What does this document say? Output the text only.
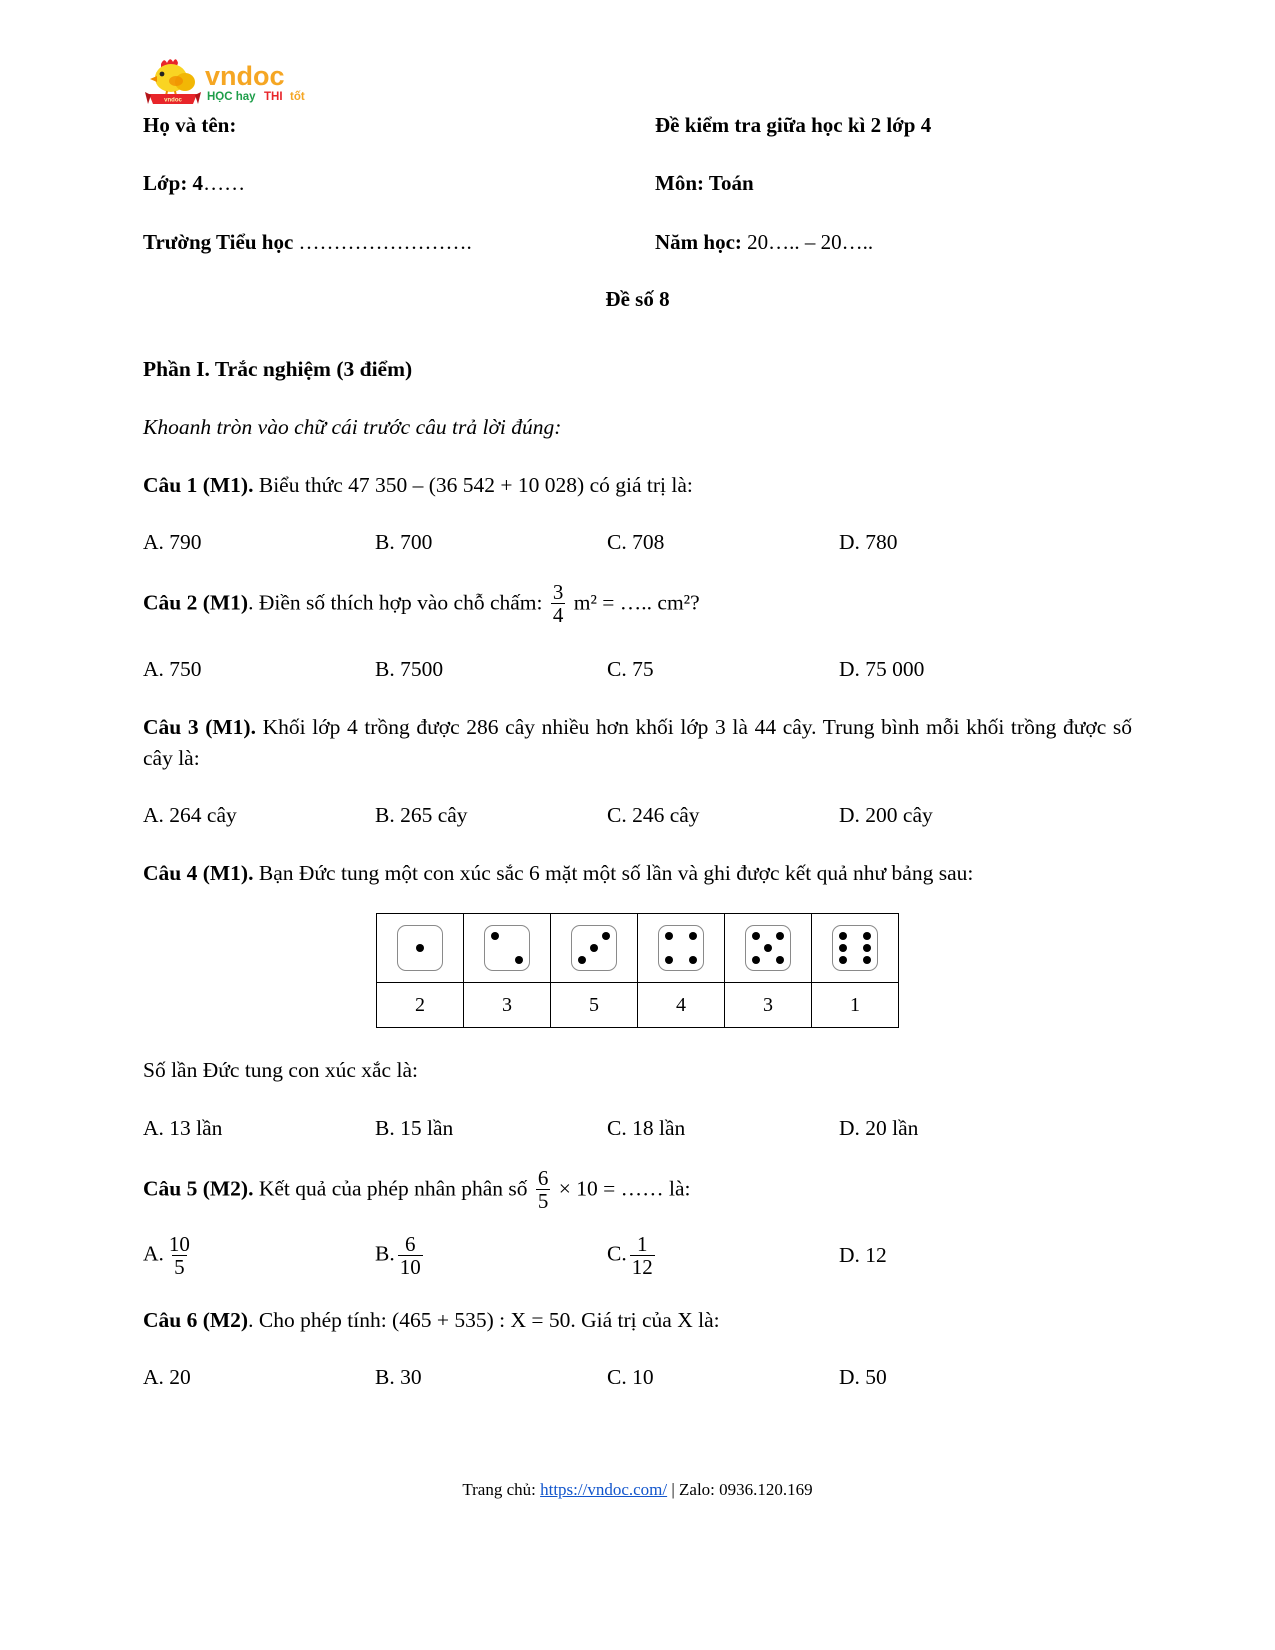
vndoc
vndoc
HỌC hay THI tốt
Họ và tên:	Đề kiểm tra giữa học kì 2 lớp 4
Lớp: 4……	Môn: Toán
Trường Tiểu học …………………….	Năm học: 20….. – 20…..
Đề số 8
Phần I. Trắc nghiệm (3 điểm)
Khoanh tròn vào chữ cái trước câu trả lời đúng:
Câu 1 (M1). Biểu thức 47 350 – (36 542 + 10 028) có giá trị là:
A. 790	B. 700	C. 708	D. 780
Câu 2 (M1). Điền số thích hợp vào chỗ chấm: $\frac{3}{4} m^2$ = ….. cm²?
A. 750	B. 7500	C. 75	D. 75 000
Câu 3 (M1). Khối lớp 4 trồng được 286 cây nhiều hơn khối lớp 3 là 44 cây. Trung bình mỗi khối trồng được số cây là:
A. 264 cây	B. 265 cây	C. 246 cây	D. 200 cây
Câu 4 (M1). Bạn Đức tung một con xúc sắc 6 mặt một số lần và ghi được kết quả như bảng sau:

2	3	5	4	3	1
Số lần Đức tung con xúc xắc là:
A. 13 lần	B. 15 lần	C. 18 lần	D. 20 lần
Câu 5 (M2). Kết quả của phép nhân phân số $\frac{6}{5} \times 10$ = …… là:
A. $\frac{10}{5}$	B. $\frac{6}{10}$	C. $\frac{1}{12}$	D. 12
Câu 6 (M2). Cho phép tính: (465 + 535) : X = 50. Giá trị của X là:
A. 20	B. 30	C. 10	D. 50
Trang chủ: https://vndoc.com/ | Zalo: 0936.120.169
